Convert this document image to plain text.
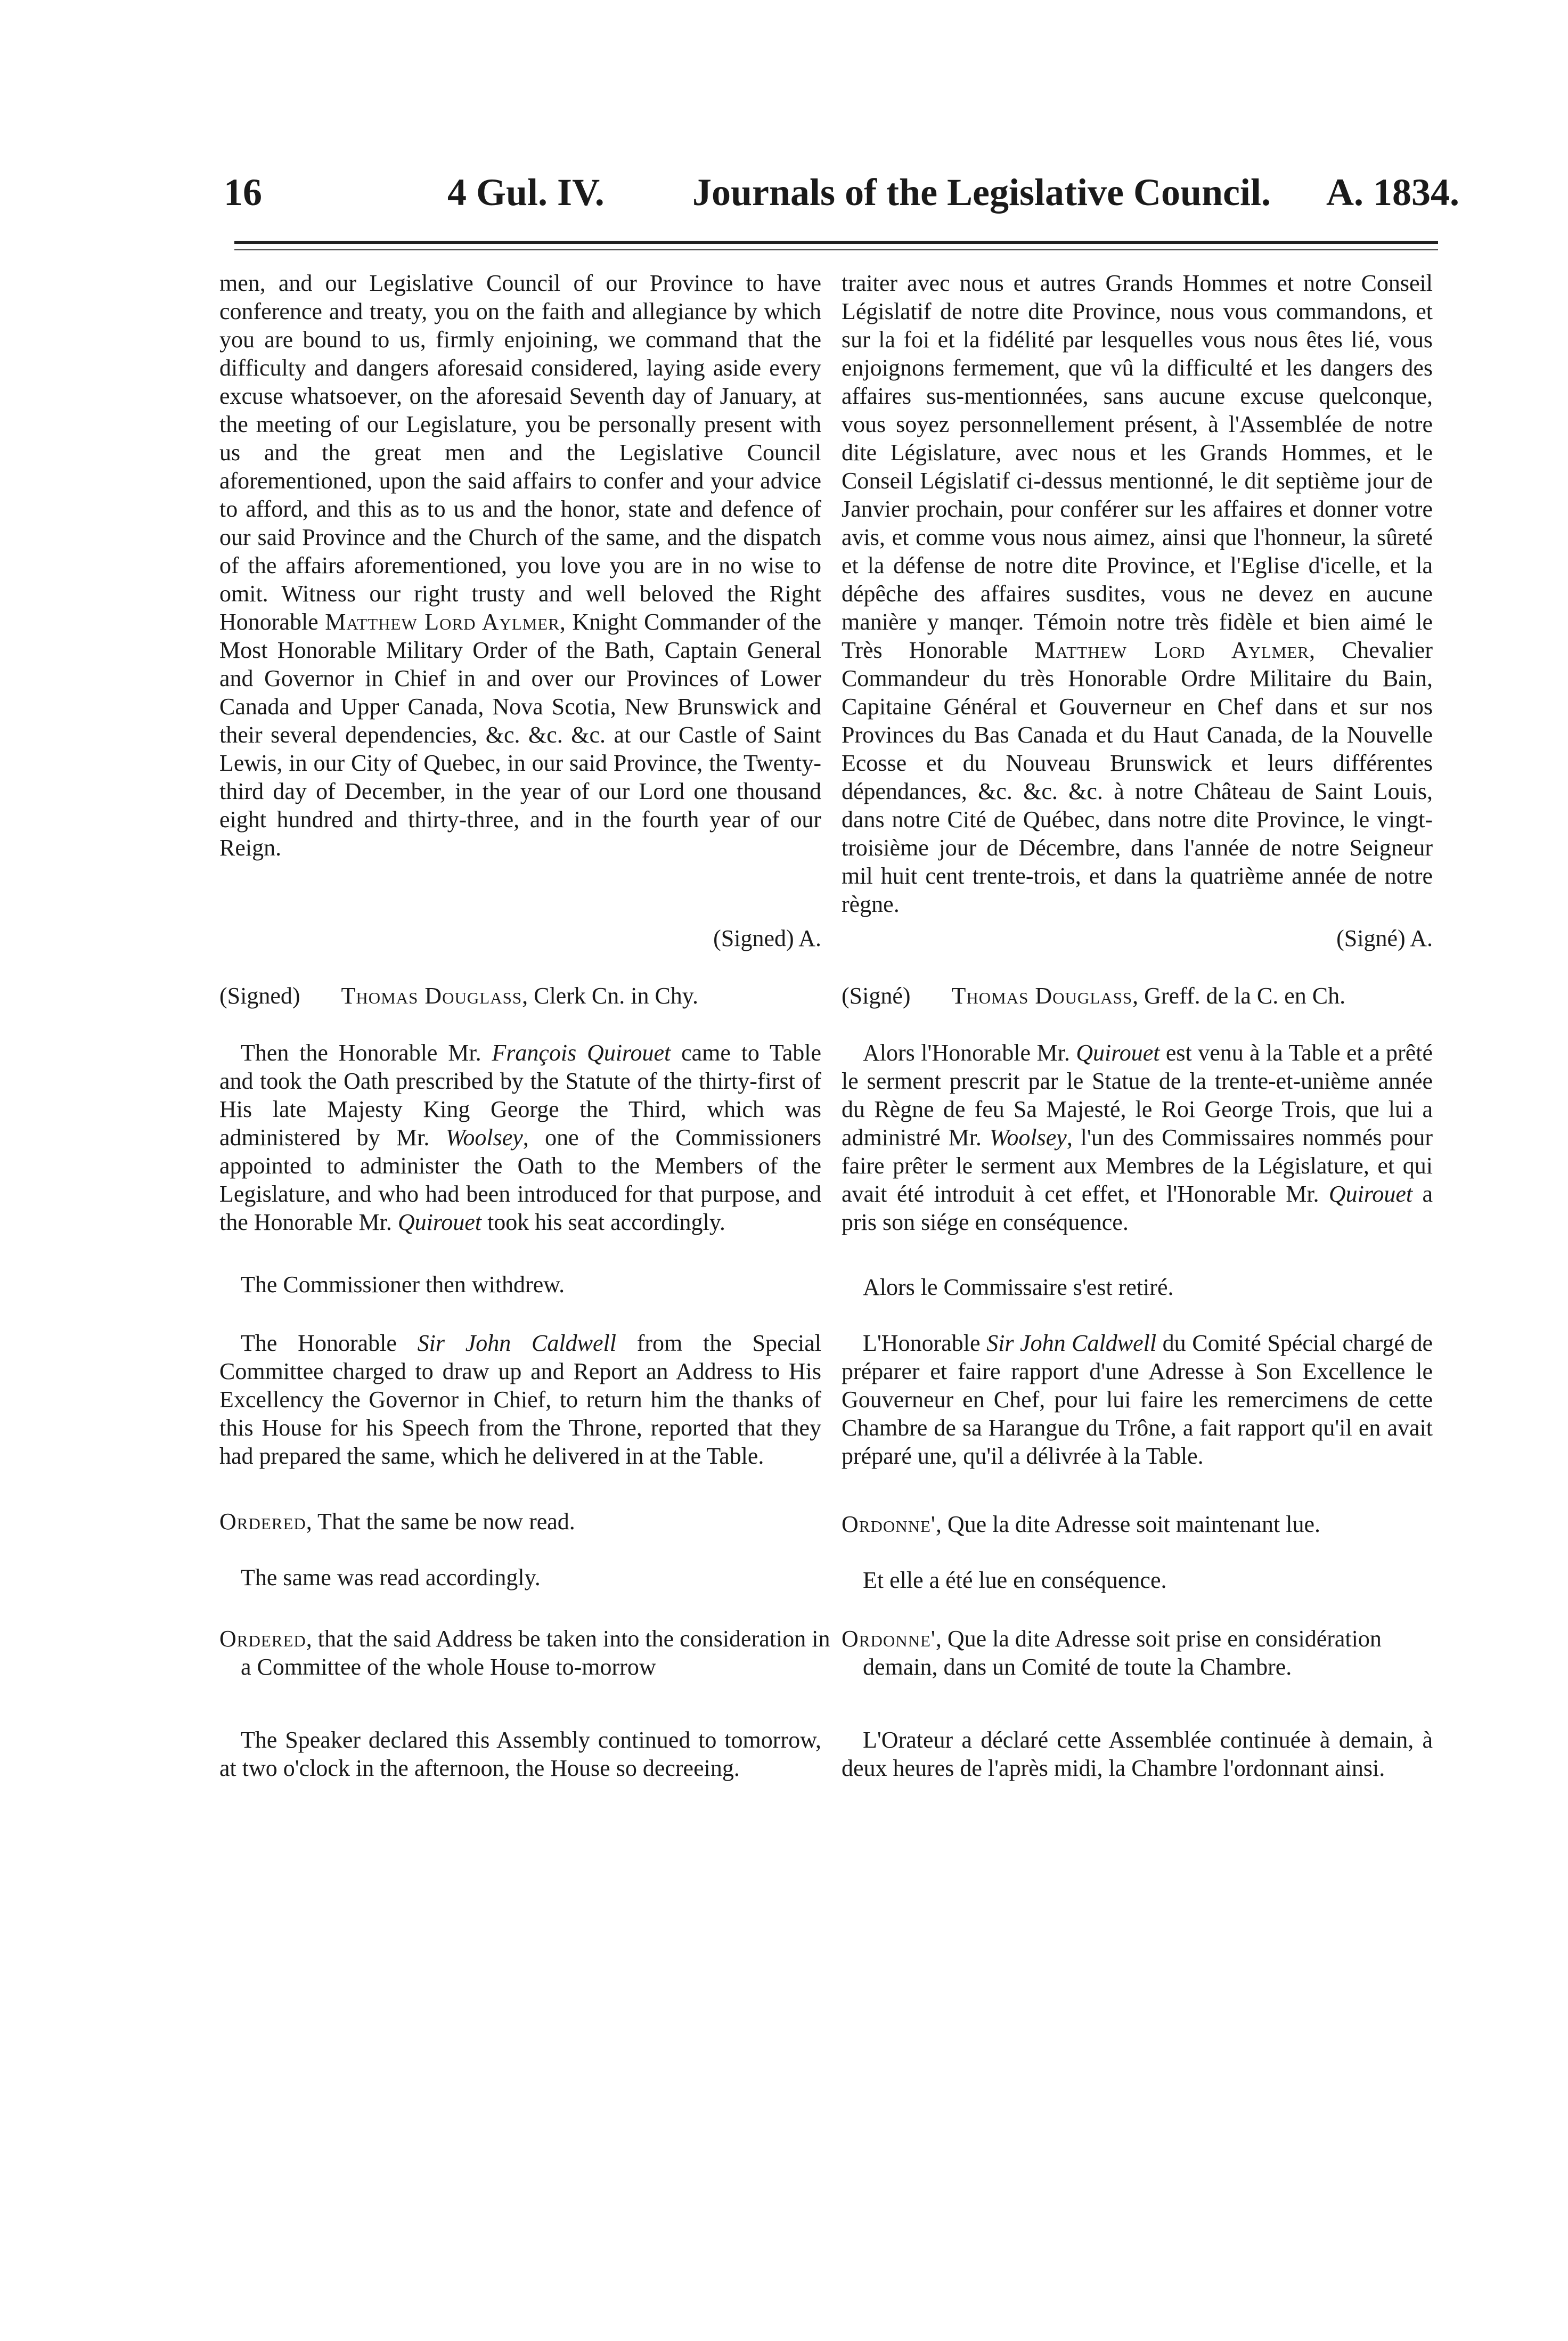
16	4 Gul. IV. Journals of the Legislative Council. A. 1834.

men, and our Legislative Council of our Province to have conference and treaty, you on the faith and allegiance by which you are bound to us, firmly enjoining, we command that the difficulty and dangers aforesaid considered, laying aside every excuse whatsoever, on the aforesaid Seventh day of January, at the meeting of our Legislature, you be personally present with us and the great men and the Legislative Council aforementioned, upon the said affairs to confer and your advice to afford, and this as to us and the honor, state and defence of our said Province and the Church of the same, and the dispatch of the affairs aforementioned, you love you are in no wise to omit. Witness our right trusty and well beloved the Right Honorable Matthew Lord Aylmer, Knight Commander of the Most Honorable Military Order of the Bath, Captain General and Governor in Chief in and over our Provinces of Lower Canada and Upper Canada, Nova Scotia, New Brunswick and their several dependencies, &c. &c. &c. at our Castle of Saint Lewis, in our City of Quebec, in our said Province, the Twenty-third day of December, in the year of our Lord one thousand eight hundred and thirty-three, and in the fourth year of our Reign.

(Signed) A.
(Signed) Thomas Douglass, Clerk Cn. in Chy.

Then the Honorable Mr. François Quirouet came to Table and took the Oath prescribed by the Statute of the thirty-first of His late Majesty King George the Third, which was administered by Mr. Woolsey, one of the Commissioners appointed to administer the Oath to the Members of the Legislature, and who had been introduced for that purpose, and the Honorable Mr. Quirouet took his seat accordingly.

The Commissioner then withdrew.

The Honorable Sir John Caldwell from the Special Committee charged to draw up and Report an Address to His Excellency the Governor in Chief, to return him the thanks of this House for his Speech from the Throne, reported that they had prepared the same, which he delivered in at the Table.

Ordered, That the same be now read.
The same was read accordingly.
Ordered, that the said Address be taken into the consideration in a Committee of the whole House to-morrow

The Speaker declared this Assembly continued to tomorrow, at two o'clock in the afternoon, the House so decreeing.

traiter avec nous et autres Grands Hommes et notre Conseil Législatif de notre dite Province, nous vous commandons, et sur la foi et la fidélité par lesquelles vous nous êtes lié, vous enjoignons fermement, que vû la difficulté et les dangers des affaires sus-mentionnées, sans aucune excuse quelconque, vous soyez personnellement présent, à l'Assemblée de notre dite Législature, avec nous et les Grands Hommes, et le Conseil Législatif ci-dessus mentionné, le dit septième jour de Janvier prochain, pour conférer sur les affaires et donner votre avis, et comme vous nous aimez, ainsi que l'honneur, la sûreté et la défense de notre dite Province, et l'Eglise d'icelle, et la dépêche des affaires susdites, vous ne devez en aucune manière y manqer. Témoin notre très fidèle et bien aimé le Très Honorable Matthew Lord Aylmer, Chevalier Commandeur du très Honorable Ordre Militaire du Bain, Capitaine Général et Gouverneur en Chef dans et sur nos Provinces du Bas Canada et du Haut Canada, de la Nouvelle Ecosse et du Nouveau Brunswick et leurs différentes dépendances, &c. &c. &c. à notre Château de Saint Louis, dans notre Cité de Québec, dans notre dite Province, le vingt-troisième jour de Décembre, dans l'année de notre Seigneur mil huit cent trente-trois, et dans la quatrième année de notre règne.

(Signé) A.
(Signé) Thomas Douglass, Greff. de la C. en Ch.

Alors l'Honorable Mr. Quirouet est venu à la Table et a prêté le serment prescrit par le Statue de la trente-et-unième année du Règne de feu Sa Majesté, le Roi George Trois, que lui a administré Mr. Woolsey, l'un des Commissaires nommés pour faire prêter le serment aux Membres de la Législature, et qui avait été introduit à cet effet, et l'Honorable Mr. Quirouet a pris son siége en conséquence.

Alors le Commissaire s'est retiré.

L'Honorable Sir John Caldwell du Comité Spécial chargé de préparer et faire rapport d'une Adresse à Son Excellence le Gouverneur en Chef, pour lui faire les remercimens de cette Chambre de sa Harangue du Trône, a fait rapport qu'il en avait préparé une, qu'il a délivrée à la Table.

Ordonne', Que la dite Adresse soit maintenant lue.
Et elle a été lue en conséquence.
Ordonne', Que la dite Adresse soit prise en considération demain, dans un Comité de toute la Chambre.

L'Orateur a déclaré cette Assemblée continuée à demain, à deux heures de l'après midi, la Chambre l'ordonnant ainsi.
